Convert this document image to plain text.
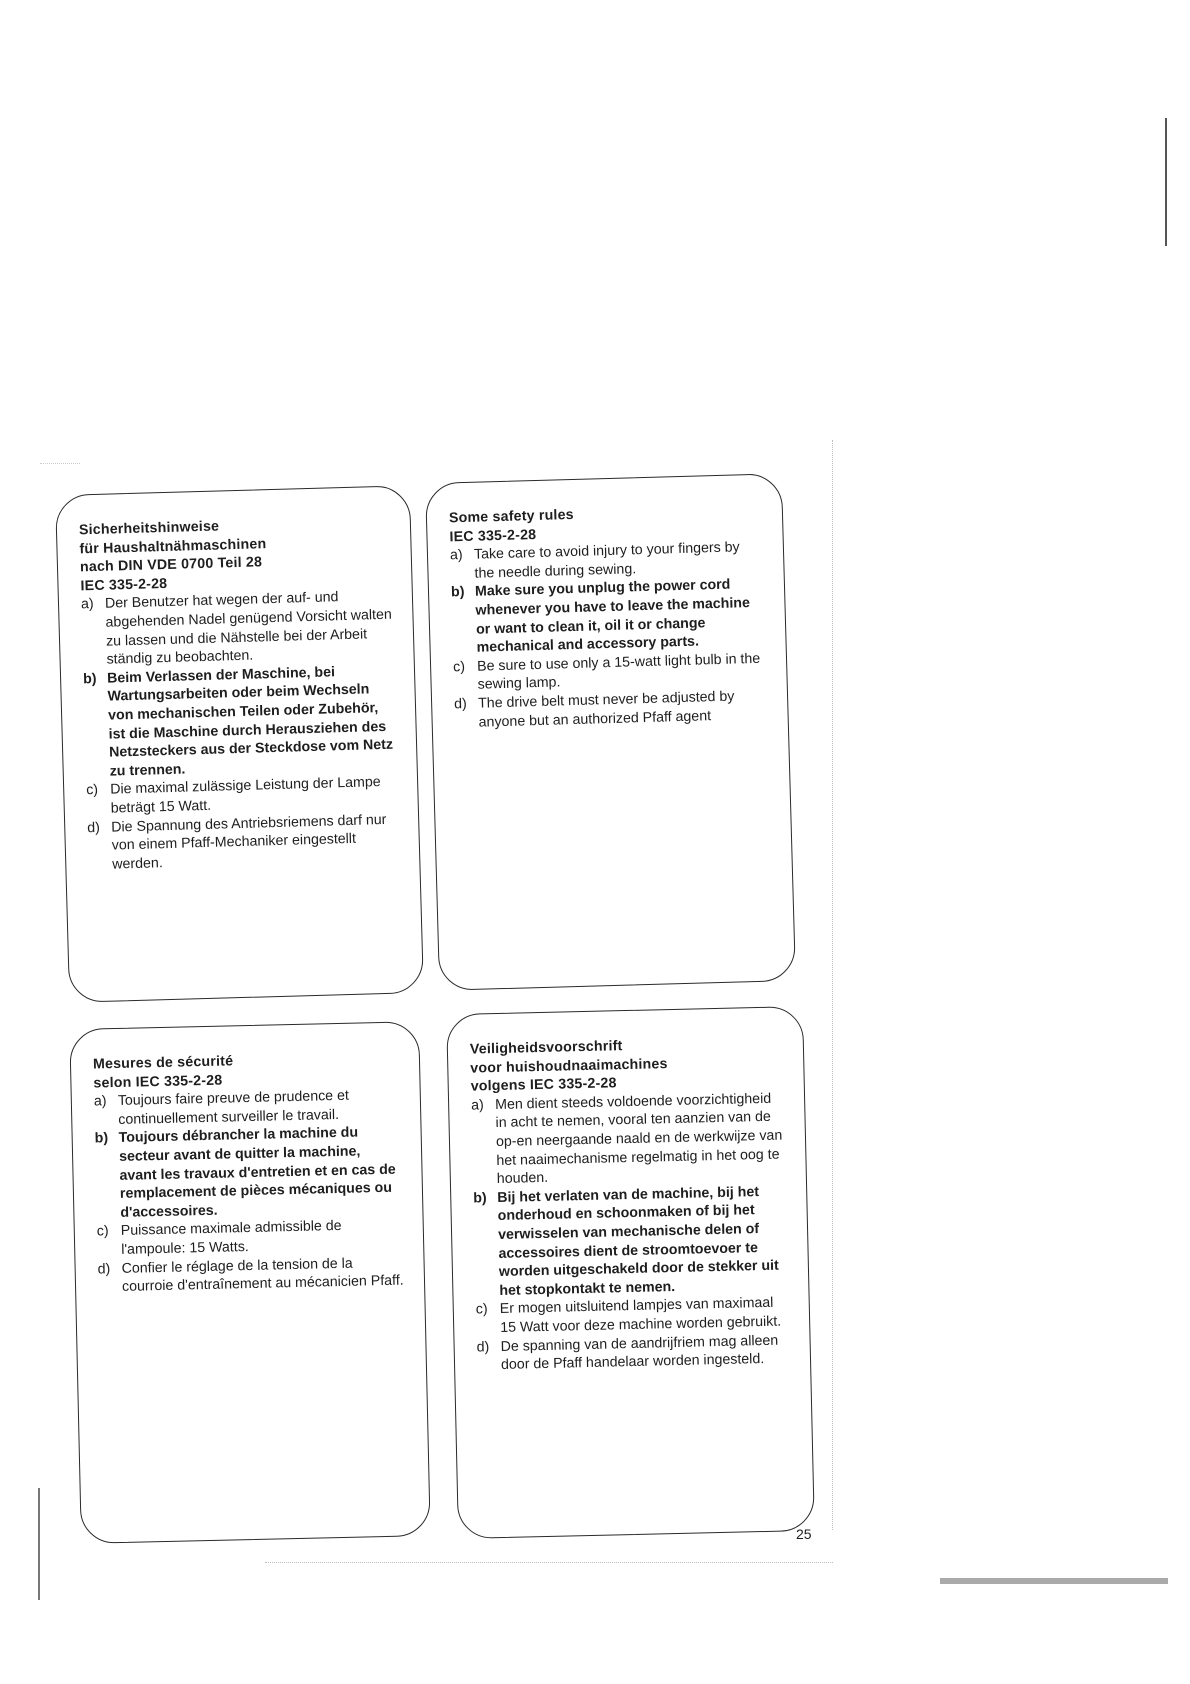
Sicherheitshinweise
für Haushaltnähmaschinen
nach DIN VDE 0700 Teil 28
IEC 335-2-28
a) Der Benutzer hat wegen der auf- und abgehenden Nadel genügend Vorsicht walten zu lassen und die Nähstelle bei der Arbeit ständig zu beobachten.
b) Beim Verlassen der Maschine, bei Wartungsarbeiten oder beim Wechseln von mechanischen Teilen oder Zubehör, ist die Maschine durch Herausziehen des Netzsteckers aus der Steckdose vom Netz zu trennen.
c) Die maximal zulässige Leistung der Lampe beträgt 15 Watt.
d) Die Spannung des Antriebsriemens darf nur von einem Pfaff-Mechaniker eingestellt werden.
Some safety rules
IEC 335-2-28
a) Take care to avoid injury to your fingers by the needle during sewing.
b) Make sure you unplug the power cord whenever you have to leave the machine or want to clean it, oil it or change mechanical and accessory parts.
c) Be sure to use only a 15-watt light bulb in the sewing lamp.
d) The drive belt must never be adjusted by anyone but an authorized Pfaff agent
Mesures de sécurité
selon IEC 335-2-28
a) Toujours faire preuve de prudence et continuellement surveiller le travail.
b) Toujours débrancher la machine du secteur avant de quitter la machine, avant les travaux d'entretien et en cas de remplacement de pièces mécaniques ou d'accessoires.
c) Puissance maximale admissible de l'ampoule: 15 Watts.
d) Confier le réglage de la tension de la courroie d'entraînement au mécanicien Pfaff.
Veiligheidsvoorschrift
voor huishoudnaaimachines
volgens IEC 335-2-28
a) Men dient steeds voldoende voorzichtigheid in acht te nemen, vooral ten aanzien van de op-en neergaande naald en de werkwijze van het naaimechanisme regelmatig in het oog te houden.
b) Bij het verlaten van de machine, bij het onderhoud en schoonmaken of bij het verwisselen van mechanische delen of accessoires dient de stroomtoevoer te worden uitgeschakeld door de stekker uit het stopkontakt te nemen.
c) Er mogen uitsluitend lampjes van maximaal 15 Watt voor deze machine worden gebruikt.
d) De spanning van de aandrijfriem mag alleen door de Pfaff handelaar worden ingesteld.
25
